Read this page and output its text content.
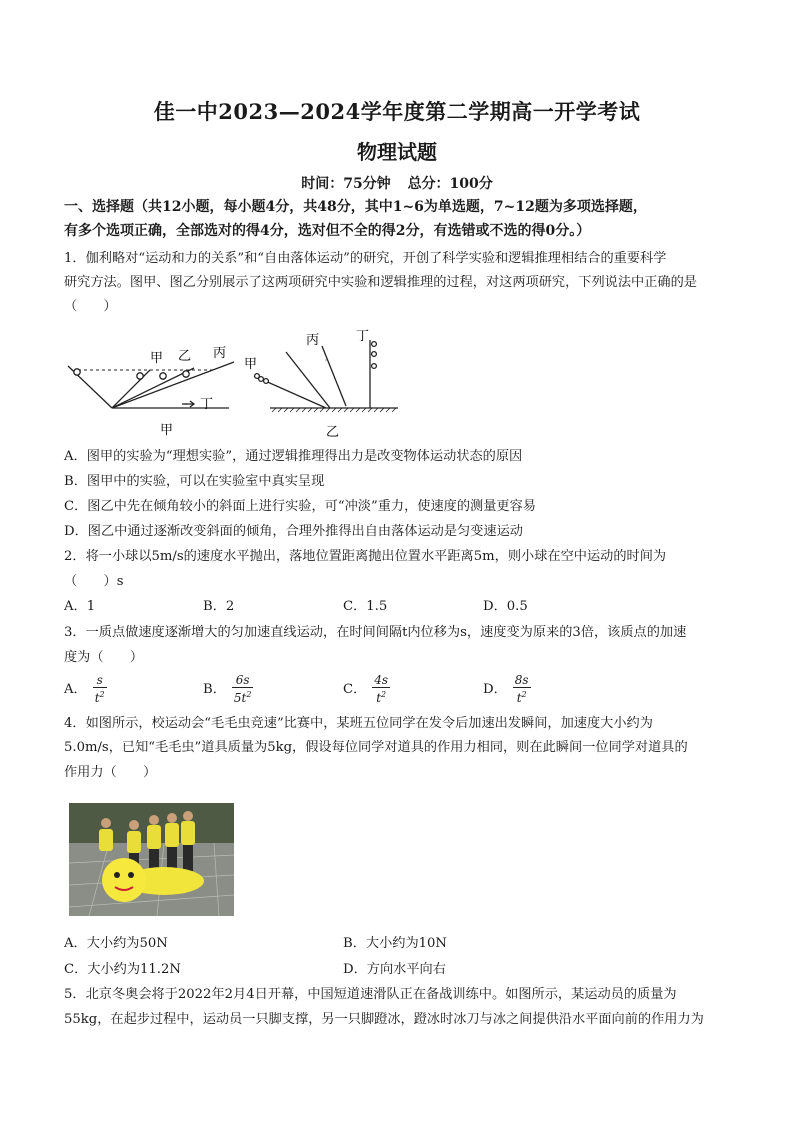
佳一中2023—2024学年度第二学期高一开学考试
物理试题
时间：75分钟 总分：100分
一、选择题（共12小题，每小题4分，共48分，其中1~6为单选题，7~12题为多项选择题，
有多个选项正确，全部选对的得4分，选对但不全的得2分，有选错或不选的得0分。）
1．伽利略对“运动和力的关系”和“自由落体运动”的研究，开创了科学实验和逻辑推理相结合的重要科学
研究方法。图甲、图乙分别展示了这两项研究中实验和逻辑推理的过程，对这两项研究，下列说法中正确的是
（　　）
甲 乙 丙
丁
甲
甲
丙	丁
乙
A．图甲的实验为“理想实验”，通过逻辑推理得出力是改变物体运动状态的原因
B．图甲中的实验，可以在实验室中真实呈现
C．图乙中先在倾角较小的斜面上进行实验，可“冲淡”重力，使速度的测量更容易
D．图乙中通过逐渐改变斜面的倾角，合理外推得出自由落体运动是匀变速运动
2．将一小球以5m/s的速度水平抛出，落地位置距离抛出位置水平距离5m，则小球在空中运动的时间为
（　　）s
A．1	B．2	C．1.5	D．0.5
3．一质点做速度逐渐增大的匀加速直线运动，在时间间隔t内位移为s，速度变为原来的3倍，该质点的加速
度为（　　）
A． $\frac{s}{t^2}$	B． $\frac{6s}{5t^2}$	C． $\frac{4s}{t^2}$	D． $\frac{8s}{t^2}$
4．如图所示，校运动会“毛毛虫竞速”比赛中，某班五位同学在发令后加速出发瞬间，加速度大小约为
5.0m/s，已知“毛毛虫”道具质量为5kg，假设每位同学对道具的作用力相同，则在此瞬间一位同学对道具的
作用力（　　）
A．大小约为50N	B．大小约为10N
C．大小约为11.2N	D．方向水平向右
5．北京冬奥会将于2022年2月4日开幕，中国短道速滑队正在备战训练中。如图所示，某运动员的质量为
55kg，在起步过程中，运动员一只脚支撑，另一只脚蹬冰，蹬冰时冰刀与冰之间提供沿水平面向前的作用力为
